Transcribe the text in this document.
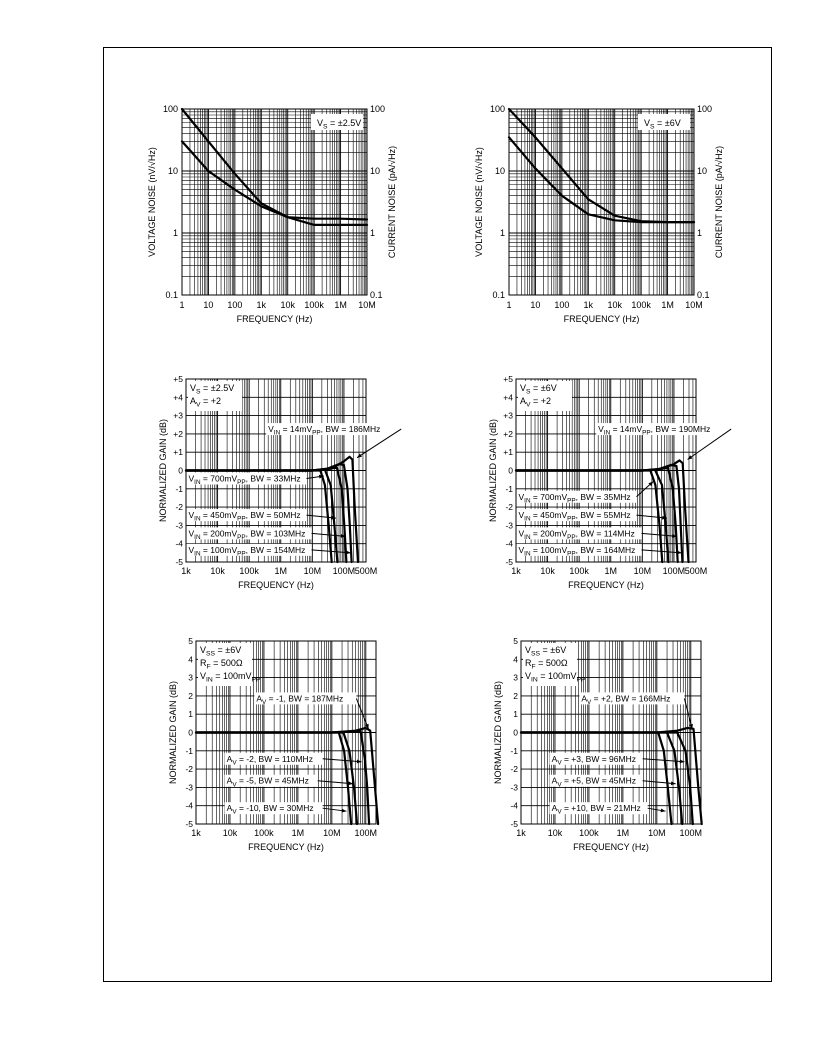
1 10 100 1k 10k 100k 1M 10M
0.1
1
10
100
0.1
1
10
100
FREQUENCY (Hz)
VOLTAGE NOISE (nV/√Hz)	CURRENT NOISE (pA/√Hz)
$V_S = \pm 2.5V$
1 10 100 1k 10k 100k 1M 10M
0.1
1
10
100
0.1
1
10
100
FREQUENCY (Hz)
VOLTAGE NOISE (nV/√Hz)	CURRENT NOISE (pA/√Hz)
$V_S = \pm 6V$
1k 10k 100k 1M 10M 100M 500M
-5
-4
-3
-2
-1
0
+1
+2
+3
+4
+5
FREQUENCY (Hz)
NORMALIZED GAIN (dB)
$V_S = \pm 2.5V$
$A_V = +2$
$V_{IN} = 14mV_{PP}$, BW = 186MHz
$V_{IN} = 100mV_{PP}$, BW = 154MHz
$V_{IN} = 200mV_{PP}$, BW = 103MHz
$V_{IN} = 450mV_{PP}$, BW = 50MHz
$V_{IN} = 700mV_{PP}$, BW = 33MHz
1k 10k 100k 1M 10M 100M 500M
-5
-4
-3
-2
-1
0
+1
+2
+3
+4
+5
FREQUENCY (Hz)
NORMALIZED GAIN (dB)
$V_S = \pm 6V$
$A_V = +2$
$V_{IN} = 14mV_{PP}$, BW = 190MHz
$V_{IN} = 100mV_{PP}$, BW = 164MHz
$V_{IN} = 200mV_{PP}$, BW = 114MHz
$V_{IN} = 450mV_{PP}$, BW = 55MHz
$V_{IN} = 700mV_{PP}$, BW = 35MHz
1k 10k 100k 1M 10M 100M
-5
-4
-3
-2
-1
0
1
2
3
4
5
FREQUENCY (Hz)
NORMALIZED GAIN (dB)
$V_{SS} = \pm 6V$
$R_F = 500\Omega$
$V_{IN} = 100mV_{PP}$
$A_V = -1$, BW = 187MHz
$A_V = -2$, BW = 110MHz
$A_V = -5$, BW = 45MHz
$A_V = -10$, BW = 30MHz
1k 10k 100k 1M 10M 100M
-5
-4
-3
-2
-1
0
1
2
3
4
5
FREQUENCY (Hz)
NORMALIZED GAIN (dB)
$V_{SS} = \pm 6V$
$R_F = 500\Omega$
$V_{IN} = 100mV_{PP}$
$A_V = +2$, BW = 166MHz
$A_V = +3$, BW = 96MHz
$A_V = +5$, BW = 45MHz
$A_V = +10$, BW = 21MHz
